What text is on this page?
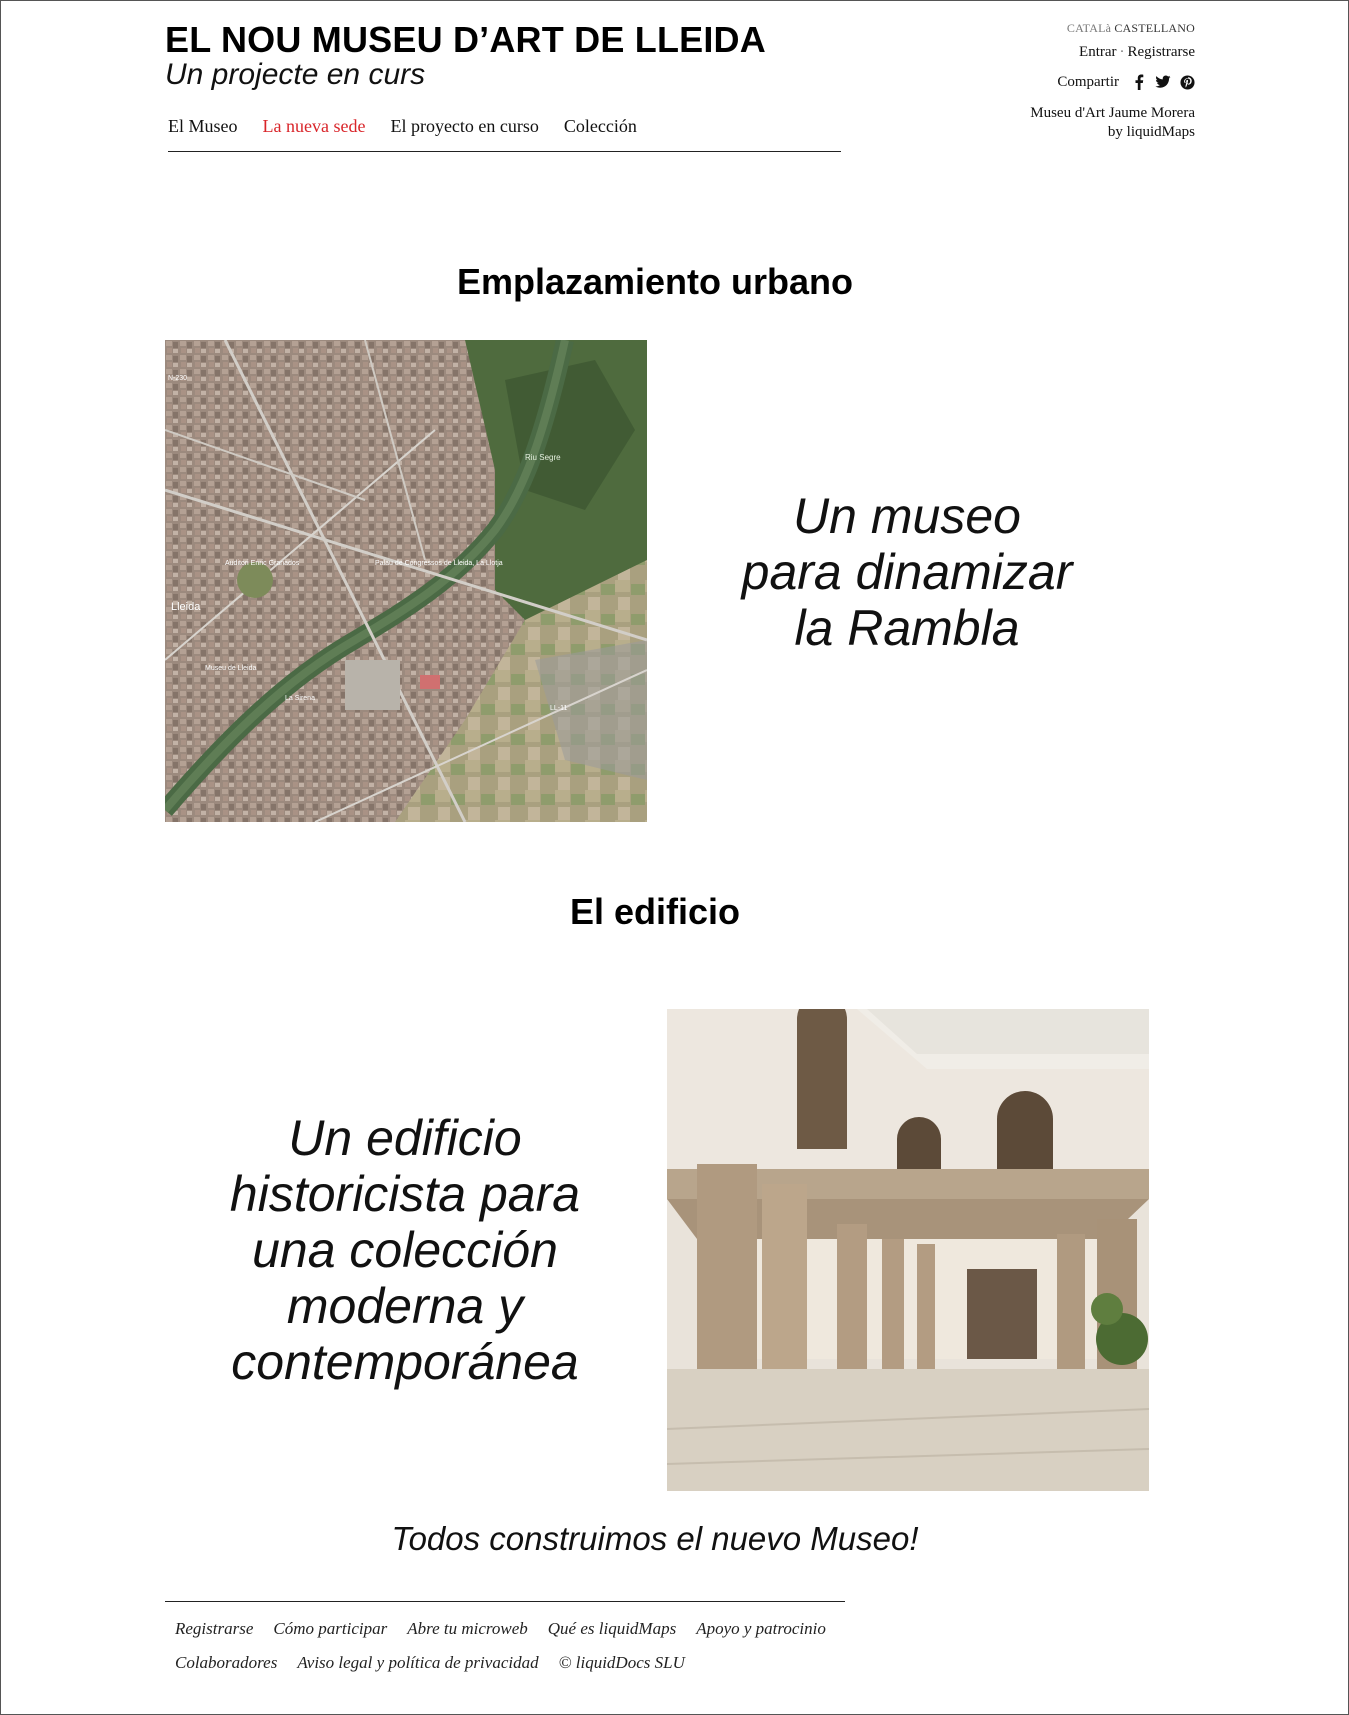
EL NOU MUSEU D’ART DE LLEIDA
Un projecte en curs
El Museo La nueva sede El proyecto en curso Colección
CATALà CASTELLANO
Entrar · Registrarse
Compartir
Museu d'Art Jaume Morera
by liquidMaps
Emplazamiento urbano
Lleida
Auditori Enric Granados	Palau de Congressos de Lleida, La Llotja
Museu de Lleida
La Sirena
Riu Segre
N-230
LL-11

Un museo
para dinamizar
la Rambla

El edificio

Un edificio
historicista para
una colección
moderna y
contemporánea

Todos construimos el nuevo Museo!
Registrarse Cómo participar Abre tu microweb Qué es liquidMaps Apoyo y patrocinio
Colaboradores Aviso legal y política de privacidad © liquidDocs SLU
